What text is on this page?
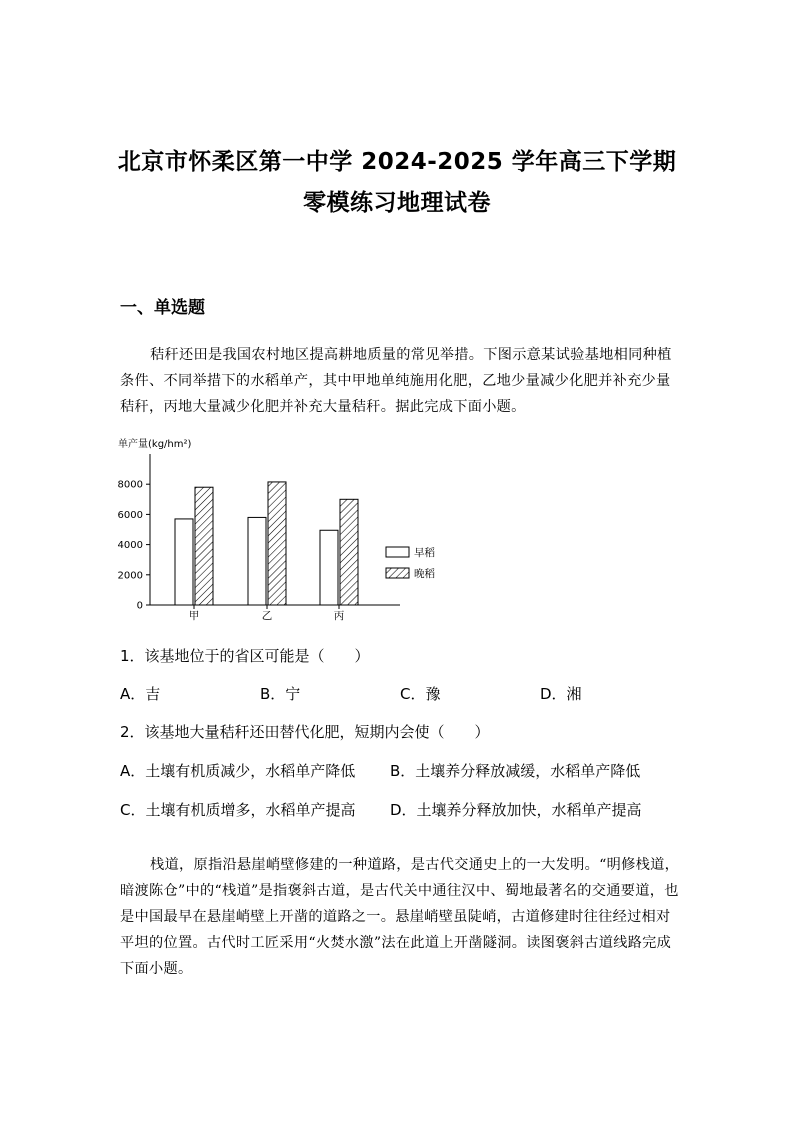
北京市怀柔区第一中学 2024-2025 学年高三下学期
零模练习地理试卷
一、单选题
秸秆还田是我国农村地区提高耕地质量的常见举措。下图示意某试验基地相同种植条件、不同举措下的水稻单产，其中甲地单纯施用化肥，乙地少量减少化肥并补充少量秸秆，丙地大量减少化肥并补充大量秸秆。据此完成下面小题。
单产量(kg/hm²)
0
2000
4000
6000
8000
甲	乙	丙
早稻
晚稻
1．该基地位于的省区可能是（　　）
A．吉	B．宁	C．豫	D．湘
2．该基地大量秸秆还田替代化肥，短期内会使（　　）
A．土壤有机质减少，水稻单产降低 B．土壤养分释放减缓，水稻单产降低
C．土壤有机质增多，水稻单产提高 D．土壤养分释放加快，水稻单产提高
栈道，原指沿悬崖峭壁修建的一种道路，是古代交通史上的一大发明。“明修栈道，暗渡陈仓”中的“栈道”是指褒斜古道，是古代关中通往汉中、蜀地最著名的交通要道，也是中国最早在悬崖峭壁上开凿的道路之一。悬崖峭壁虽陡峭，古道修建时往往经过相对平坦的位置。古代时工匠采用“火焚水激”法在此道上开凿隧洞。读图褒斜古道线路完成下面小题。
